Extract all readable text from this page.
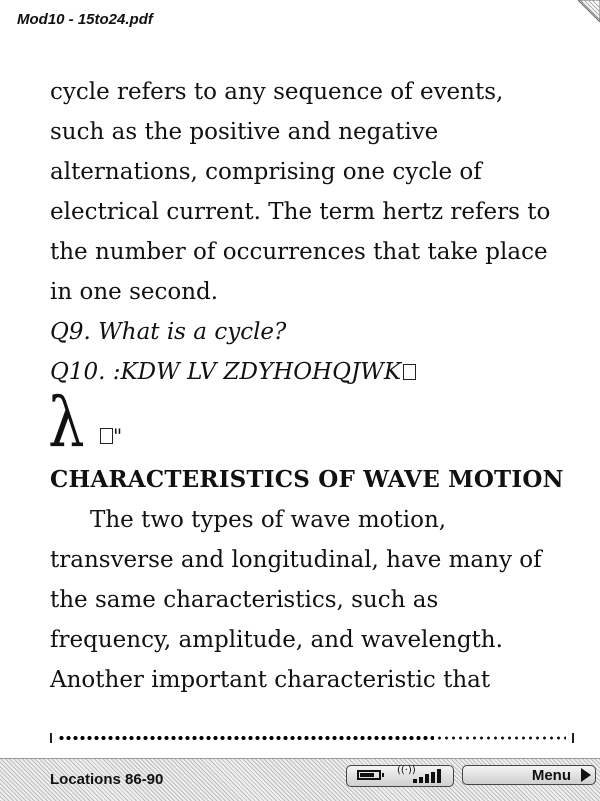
Mod10 - 15to24.pdf
cycle refers to any sequence of events,
such as the positive and negative
alternations, comprising one cycle of
electrical current. The term hertz refers to
the number of occurrences that take place
in one second.
Q9. What is a cycle?
Q10. :KDW LV ZDYHOHQJWK
λ	"
CHARACTERISTICS OF WAVE MOTION
The two types of wave motion,
transverse and longitudinal, have many of
the same characteristics, such as
frequency, amplitude, and wavelength.
Another important characteristic that
Locations 86-90
((·))	Menu
